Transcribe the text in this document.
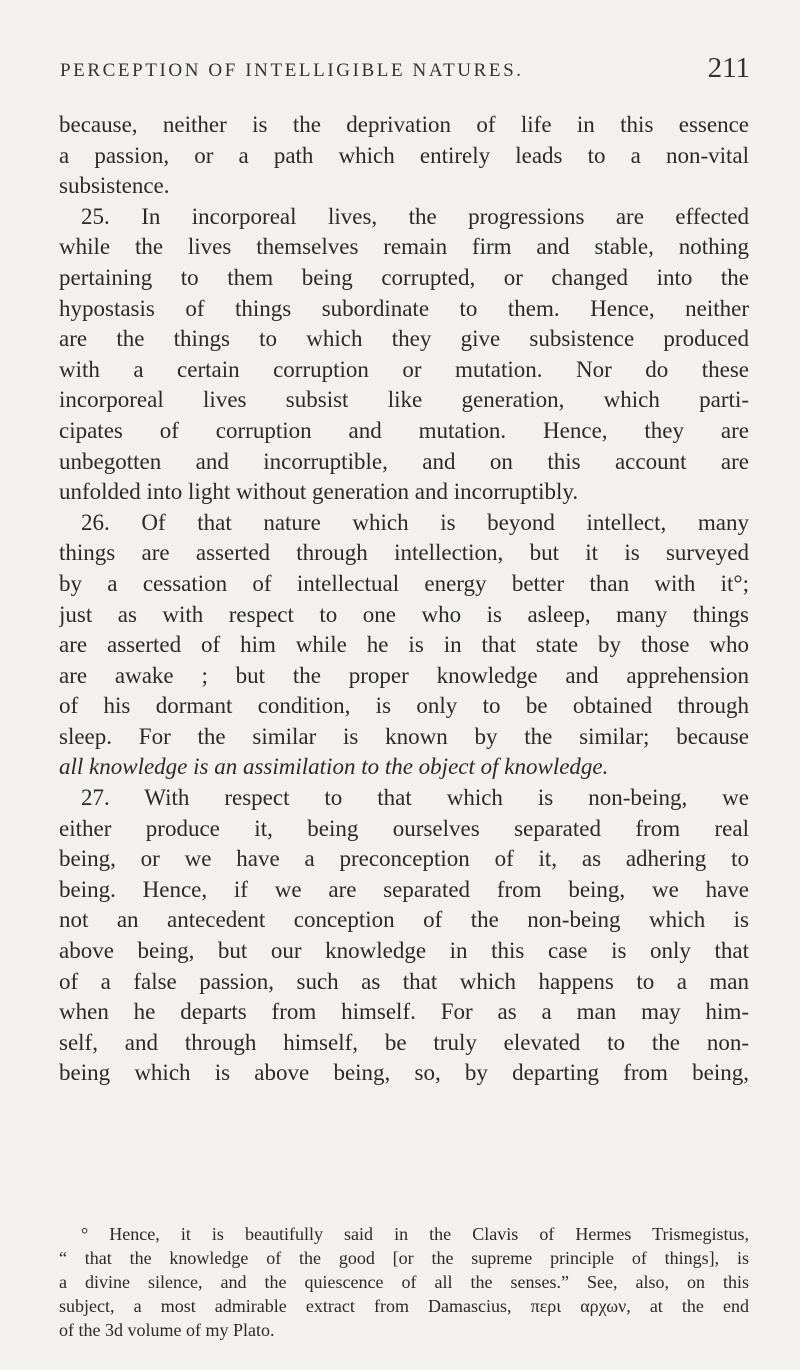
PERCEPTION OF INTELLIGIBLE NATURES.	211
because, neither is the deprivation of life in this essence
a passion, or a path which entirely leads to a non-vital
subsistence.
25. In incorporeal lives, the progressions are effected
while the lives themselves remain firm and stable, nothing
pertaining to them being corrupted, or changed into the
hypostasis of things subordinate to them. Hence, neither
are the things to which they give subsistence produced
with a certain corruption or mutation. Nor do these
incorporeal lives subsist like generation, which parti-
cipates of corruption and mutation. Hence, they are
unbegotten and incorruptible, and on this account are
unfolded into light without generation and incorruptibly.
26. Of that nature which is beyond intellect, many
things are asserted through intellection, but it is surveyed
by a cessation of intellectual energy better than with it°;
just as with respect to one who is asleep, many things
are asserted of him while he is in that state by those who
are awake ; but the proper knowledge and apprehension
of his dormant condition, is only to be obtained through
sleep. For the similar is known by the similar; because
all knowledge is an assimilation to the object of knowledge.
27. With respect to that which is non-being, we
either produce it, being ourselves separated from real
being, or we have a preconception of it, as adhering to
being. Hence, if we are separated from being, we have
not an antecedent conception of the non-being which is
above being, but our knowledge in this case is only that
of a false passion, such as that which happens to a man
when he departs from himself. For as a man may him-
self, and through himself, be truly elevated to the non-
being which is above being, so, by departing from being,
° Hence, it is beautifully said in the Clavis of Hermes Trismegistus,
“ that the knowledge of the good [or the supreme principle of things], is
a divine silence, and the quiescence of all the senses.” See, also, on this
subject, a most admirable extract from Damascius, περι αρχων, at the end
of the 3d volume of my Plato.
